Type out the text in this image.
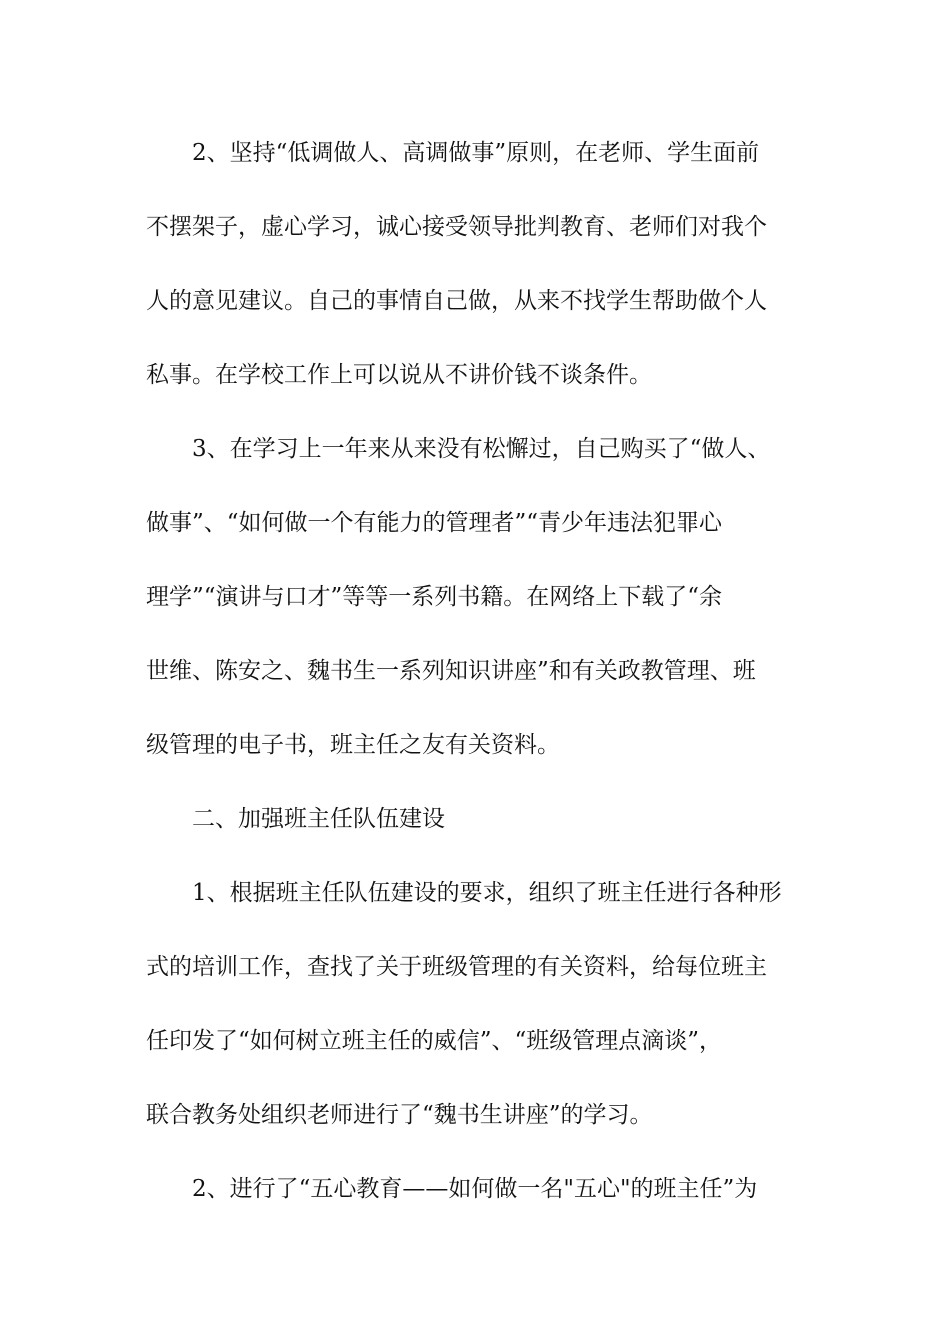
2、坚持“低调做人、高调做事”原则，在老师、学生面前
不摆架子，虚心学习，诚心接受领导批判教育、老师们对我个
人的意见建议。自己的事情自己做，从来不找学生帮助做个人
私事。在学校工作上可以说从不讲价钱不谈条件。
3、在学习上一年来从来没有松懈过，自己购买了“做人、
做事”、“如何做一个有能力的管理者”“青少年违法犯罪心
理学”“演讲与口才”等等一系列书籍。在网络上下载了“余
世维、陈安之、魏书生一系列知识讲座”和有关政教管理、班
级管理的电子书，班主任之友有关资料。
二、加强班主任队伍建设
1、根据班主任队伍建设的要求，组织了班主任进行各种形
式的培训工作，查找了关于班级管理的有关资料，给每位班主
任印发了“如何树立班主任的威信”、“班级管理点滴谈”，
联合教务处组织老师进行了“魏书生讲座”的学习。
2、进行了“五心教育——如何做一名"五心"的班主任”为
